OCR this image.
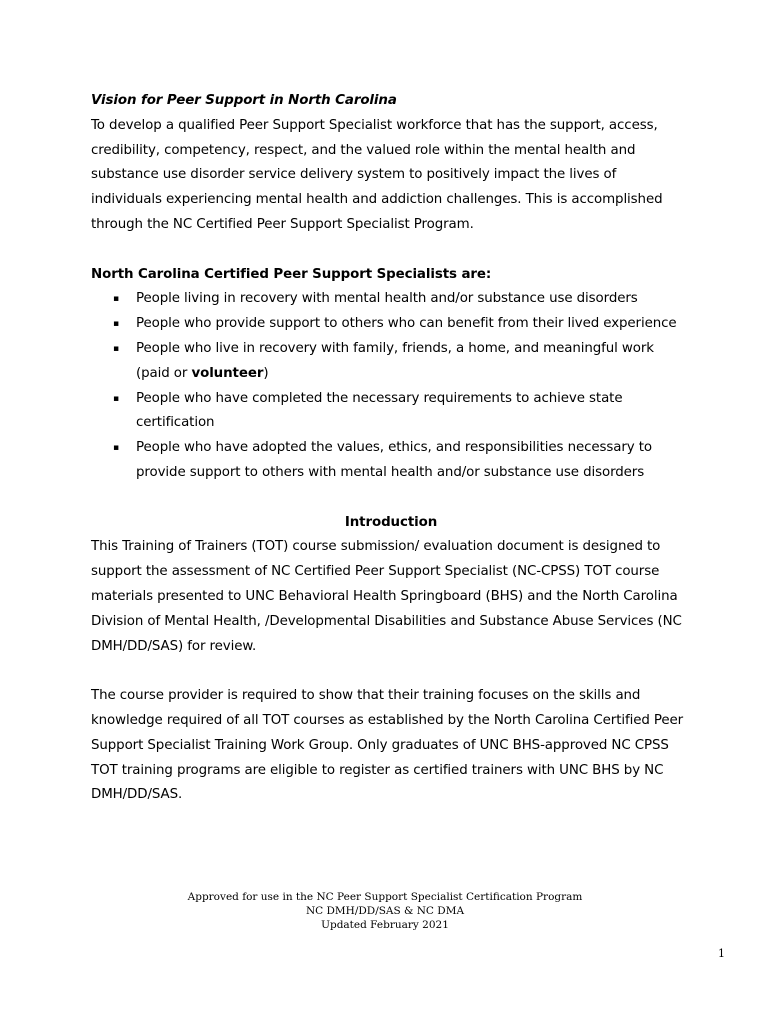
Vision for Peer Support in North Carolina

To develop a qualified Peer Support Specialist workforce that has the support, access, credibility, competency, respect, and the valued role within the mental health and substance use disorder service delivery system to positively impact the lives of individuals experiencing mental health and addiction challenges. This is accomplished through the NC Certified Peer Support Specialist Program.

North Carolina Certified Peer Support Specialists are:

▪ People living in recovery with mental health and/or substance use disorders
▪ People who provide support to others who can benefit from their lived experience
▪ People who live in recovery with family, friends, a home, and meaningful work (paid or volunteer)
▪ People who have completed the necessary requirements to achieve state certification
▪ People who have adopted the values, ethics, and responsibilities necessary to provide support to others with mental health and/or substance use disorders

Introduction

This Training of Trainers (TOT) course submission/ evaluation document is designed to support the assessment of NC Certified Peer Support Specialist (NC-CPSS) TOT course materials presented to UNC Behavioral Health Springboard (BHS) and the North Carolina Division of Mental Health, /Developmental Disabilities and Substance Abuse Services (NC DMH/DD/SAS) for review.

The course provider is required to show that their training focuses on the skills and knowledge required of all TOT courses as established by the North Carolina Certified Peer Support Specialist Training Work Group. Only graduates of UNC BHS-approved NC CPSS TOT training programs are eligible to register as certified trainers with UNC BHS by NC DMH/DD/SAS.

Approved for use in the NC Peer Support Specialist Certification Program
NC DMH/DD/SAS & NC DMA
Updated February 2021
1
